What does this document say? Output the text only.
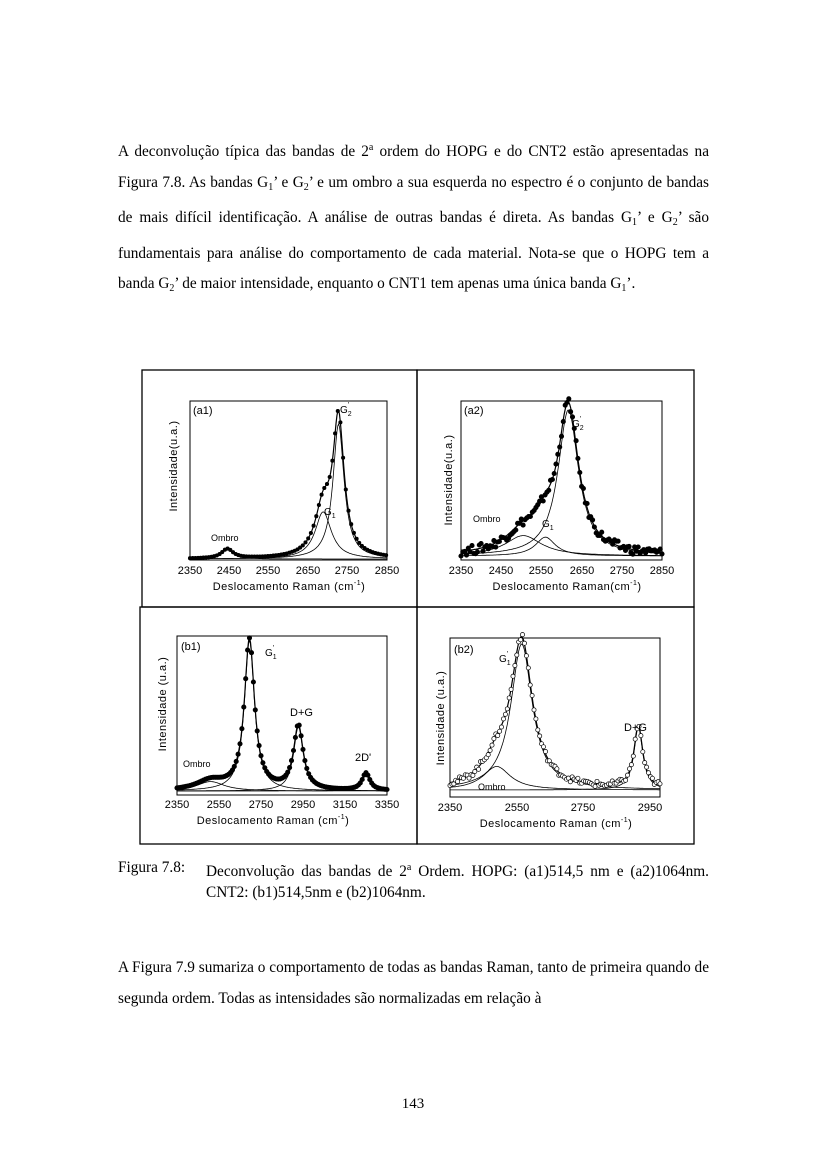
A deconvolução típica das bandas de 2$^a$ ordem do HOPG e do CNT2 estão apresentadas na Figura 7.8. As bandas $G_1$’ e $G_2$’ e um ombro a sua esquerda no espectro é o conjunto de bandas de mais difícil identificação. A análise de outras bandas é direta. As bandas $G_1$’ e $G_2$’ são fundamentais para análise do comportamento de cada material. Nota-se que o HOPG tem a banda $G_2$’ de maior intensidade, enquanto o CNT1 tem apenas uma única banda $G_1$’.

(a1)	$G_2'$
$G_1$
Ombro
2350 2450 2550 2650 2750 2850
Deslocamento Raman $(cm^{-1})$
Intensidade(u.a.)
(a2)
$G_2'$
$G_1$
Ombro
2350 2450 2550 2650 2750 2850
Deslocamento $Raman(cm^{-1})$
Intensidade(u.a.)
(b1)
$G_1'$
D+G
2D'
Ombro
2350 2550 2750 2950 3150 3350
Deslocamento Raman $(cm^{-1})$
Intensidade (u.a.)
(b2)
$G_1'$
D+G
Ombro
2350	2550	2750	2950
Deslocamento Raman $(cm^{-1})$
Intensidade (u.a.)
Figura 7.8: Deconvolução das bandas de 2$^a$ Ordem. HOPG: (a1)514,5 nm e (a2)1064nm. CNT2: (b1)514,5nm e (b2)1064nm.

A Figura 7.9 sumariza o comportamento de todas as bandas Raman, tanto de primeira quando de segunda ordem. Todas as intensidades são normalizadas em relação à

143
